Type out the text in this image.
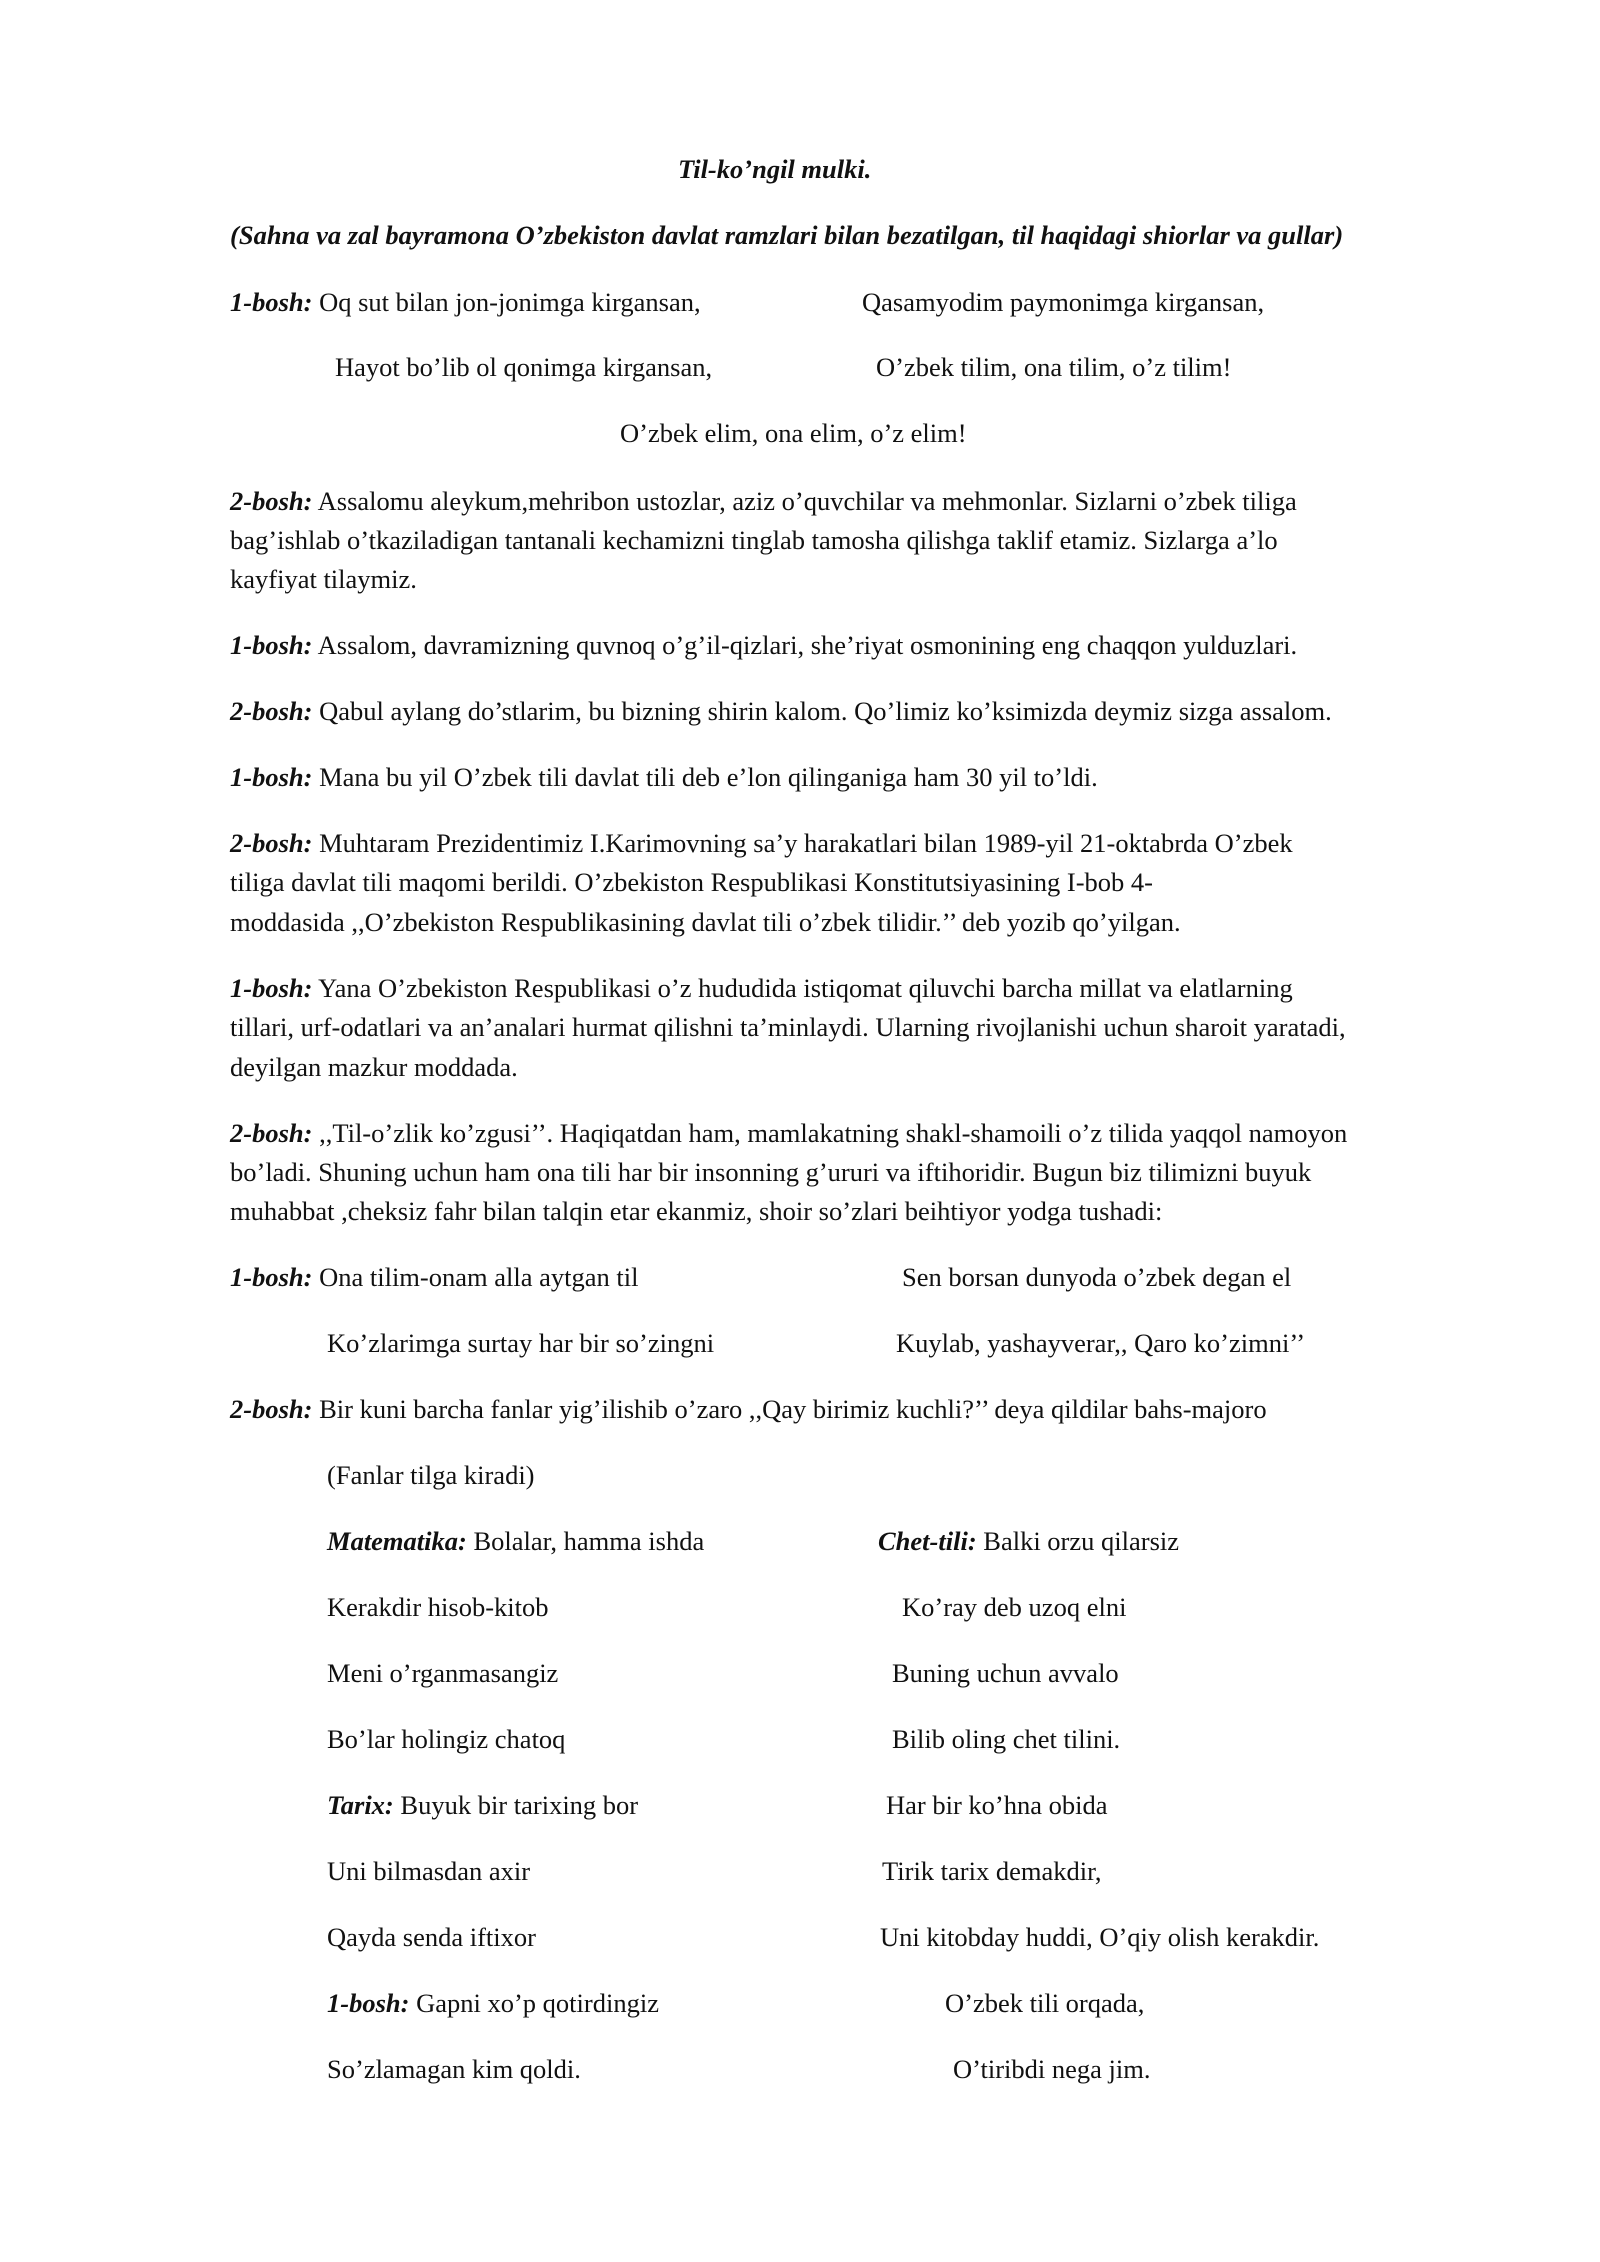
Til-ko’ngil mulki.
(Sahna va zal bayramona O’zbekiston davlat ramzlari bilan bezatilgan, til haqidagi shiorlar va gullar)
1-bosh: Oq sut bilan jon-jonimga kirgansan,	Qasamyodim paymonimga kirgansan,
Hayot bo’lib ol qonimga kirgansan,	O’zbek tilim, ona tilim, o’z tilim!
O’zbek elim, ona elim, o’z elim!
2-bosh: Assalomu aleykum,mehribon ustozlar, aziz o’quvchilar va mehmonlar. Sizlarni o’zbek tiliga
bag’ishlab o’tkaziladigan tantanali kechamizni tinglab tamosha qilishga taklif etamiz. Sizlarga a’lo
kayfiyat tilaymiz.
1-bosh: Assalom, davramizning quvnoq o’g’il-qizlari, she’riyat osmonining eng chaqqon yulduzlari.
2-bosh: Qabul aylang do’stlarim, bu bizning shirin kalom. Qo’limiz ko’ksimizda deymiz sizga assalom.
1-bosh: Mana bu yil O’zbek tili davlat tili deb e’lon qilinganiga ham 30 yil to’ldi.
2-bosh: Muhtaram Prezidentimiz I.Karimovning sa’y harakatlari bilan 1989-yil 21-oktabrda O’zbek
tiliga davlat tili maqomi berildi. O’zbekiston Respublikasi Konstitutsiyasining I-bob 4-
moddasida ,,O’zbekiston Respublikasining davlat tili o’zbek tilidir.’’ deb yozib qo’yilgan.
1-bosh: Yana O’zbekiston Respublikasi o’z hududida istiqomat qiluvchi barcha millat va elatlarning
tillari, urf-odatlari va an’analari hurmat qilishni ta’minlaydi. Ularning rivojlanishi uchun sharoit yaratadi,
deyilgan mazkur moddada.
2-bosh: ,,Til-o’zlik ko’zgusi’’. Haqiqatdan ham, mamlakatning shakl-shamoili o’z tilida yaqqol namoyon
bo’ladi. Shuning uchun ham ona tili har bir insonning g’ururi va iftihoridir. Bugun biz tilimizni buyuk
muhabbat ,cheksiz fahr bilan talqin etar ekanmiz, shoir so’zlari beihtiyor yodga tushadi:
1-bosh: Ona tilim-onam alla aytgan til	Sen borsan dunyoda o’zbek degan el
Ko’zlarimga surtay har bir so’zingni	Kuylab, yashayverar,, Qaro ko’zimni’’
2-bosh: Bir kuni barcha fanlar yig’ilishib o’zaro ,,Qay birimiz kuchli?’’ deya qildilar bahs-majoro
(Fanlar tilga kiradi)
Matematika: Bolalar, hamma ishda	Chet-tili: Balki orzu qilarsiz
Kerakdir hisob-kitob	Ko’ray deb uzoq elni
Meni o’rganmasangiz	Buning uchun avvalo
Bo’lar holingiz chatoq	Bilib oling chet tilini.
Tarix: Buyuk bir tarixing bor	Har bir ko’hna obida
Uni bilmasdan axir	Tirik tarix demakdir,
Qayda senda iftixor	Uni kitobday huddi, O’qiy olish kerakdir.
1-bosh: Gapni xo’p qotirdingiz	O’zbek tili orqada,
So’zlamagan kim qoldi.	O’tiribdi nega jim.
